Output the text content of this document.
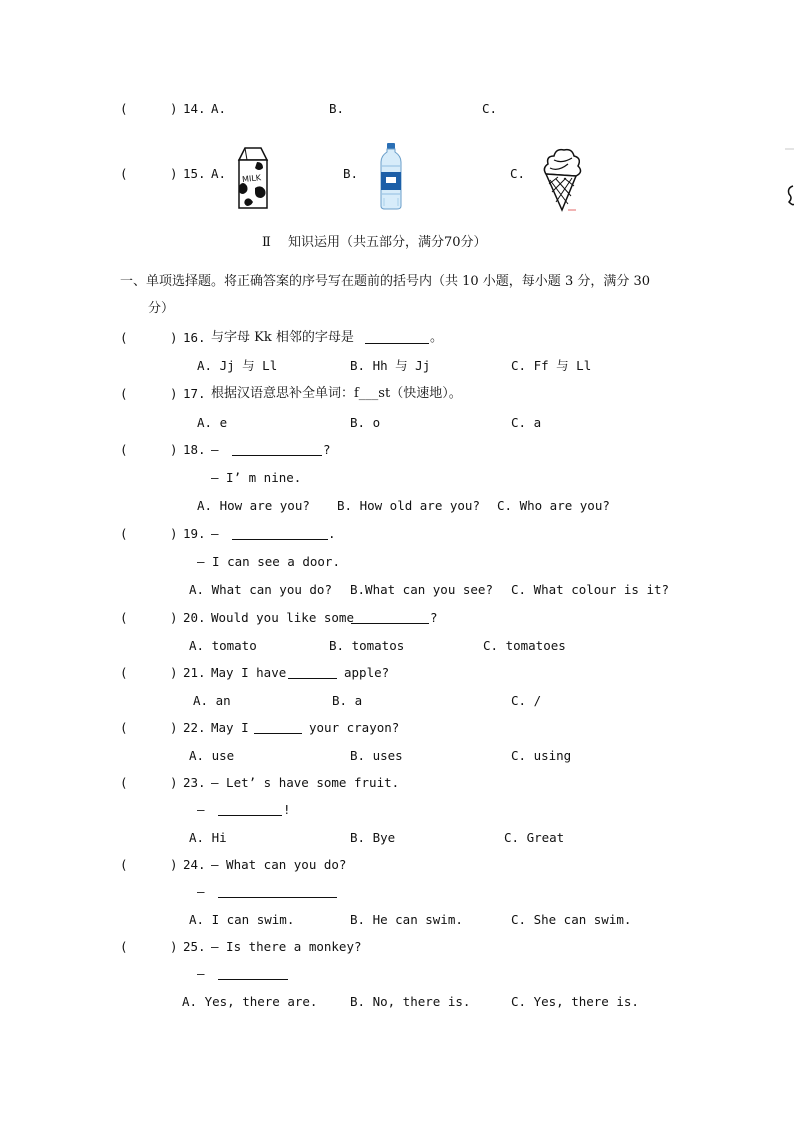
(	) 14. A.	B.	C.
(	) 15. A.	B.	C.
MILK
Ⅱ 知识运用（共五部分，满分70分）
一、单项选择题。将正确答案的序号写在题前的括号内（共 10 小题，每小题 3 分，满分 30
分）
(	) 16. 与字母 Kk 相邻的字母是	。
A. Jj 与 Ll	B. Hh 与 Jj	C. Ff 与 Ll
(	) 17. 根据汉语意思补全单词：f___st（快速地）。
A. e	B. o	C. a
(	) 18. —	?
— I’ m nine.
A. How are you? B. How old are you? C. Who are you?
(	) 19. —	.
— I can see a door.
A. What can you do? B.What can you see? C. What colour is it?
(	) 20. Would you like some	?
A. tomato	B. tomatos	C. tomatoes
(	) 21. May I have	apple?
A. an	B. a	C. /
(	) 22. May I	your crayon?
A. use	B. uses	C. using
(	) 23. — Let’ s have some fruit.
—	!
A. Hi	B. Bye	C. Great
(	) 24. — What can you do?
—
A. I can swim.	B. He can swim.	C. She can swim.
(	) 25. — Is there a monkey?
—
A. Yes, there are.	B. No, there is.	C. Yes, there is.
